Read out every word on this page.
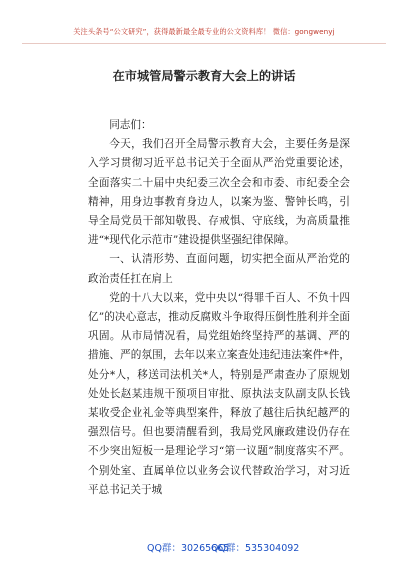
关注头条号“公文研究”，获得最新最全最专业的公文资料库！ 微信：gongwenyj
在市城管局警示教育大会上的讲话

同志们：

今天，我们召开全局警示教育大会，主要任务是深入学习贯彻习近平总书记关于全面从严治党重要论述，全面落实二十届中央纪委三次全会和市委、市纪委全会精神，用身边事教育身边人，以案为鉴、警钟长鸣，引导全局党员干部知敬畏、存戒惧、守底线，为高质量推进“*现代化示范市”建设提供坚强纪律保障。

一、认清形势、直面问题，切实把全面从严治党的政治责任扛在肩上

党的十八大以来，党中央以“得罪千百人、不负十四亿”的决心意志，推动反腐败斗争取得压倒性胜利并全面巩固。从市局情况看，局党组始终坚持严的基调、严的措施、严的氛围，去年以来立案查处违纪违法案件*件，处分*人，移送司法机关*人，特别是严肃查办了原规划处处长赵某违规干预项目审批、原执法支队副支队长钱某收受企业礼金等典型案件，释放了越往后执纪越严的强烈信号。但也要清醒看到，我局党风廉政建设仍存在不少突出短板一是理论学习“第一议题”制度落实不严。个别处室、直属单位以业务会议代替政治学习，对习近平总书记关于城

QQ群：30265665
QQ群：535304092
